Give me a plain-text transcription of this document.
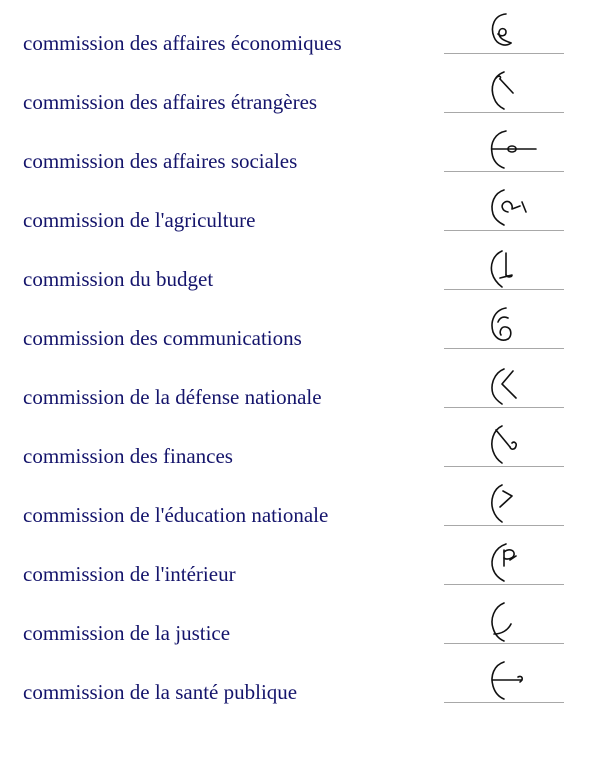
commission des affaires économiques
commission des affaires étrangères
commission des affaires sociales
commission de l'agriculture
commission du budget
commission des communications
commission de la défense nationale
commission des finances
commission de l'éducation nationale
commission de l'intérieur
commission de la justice
commission de la santé publique
